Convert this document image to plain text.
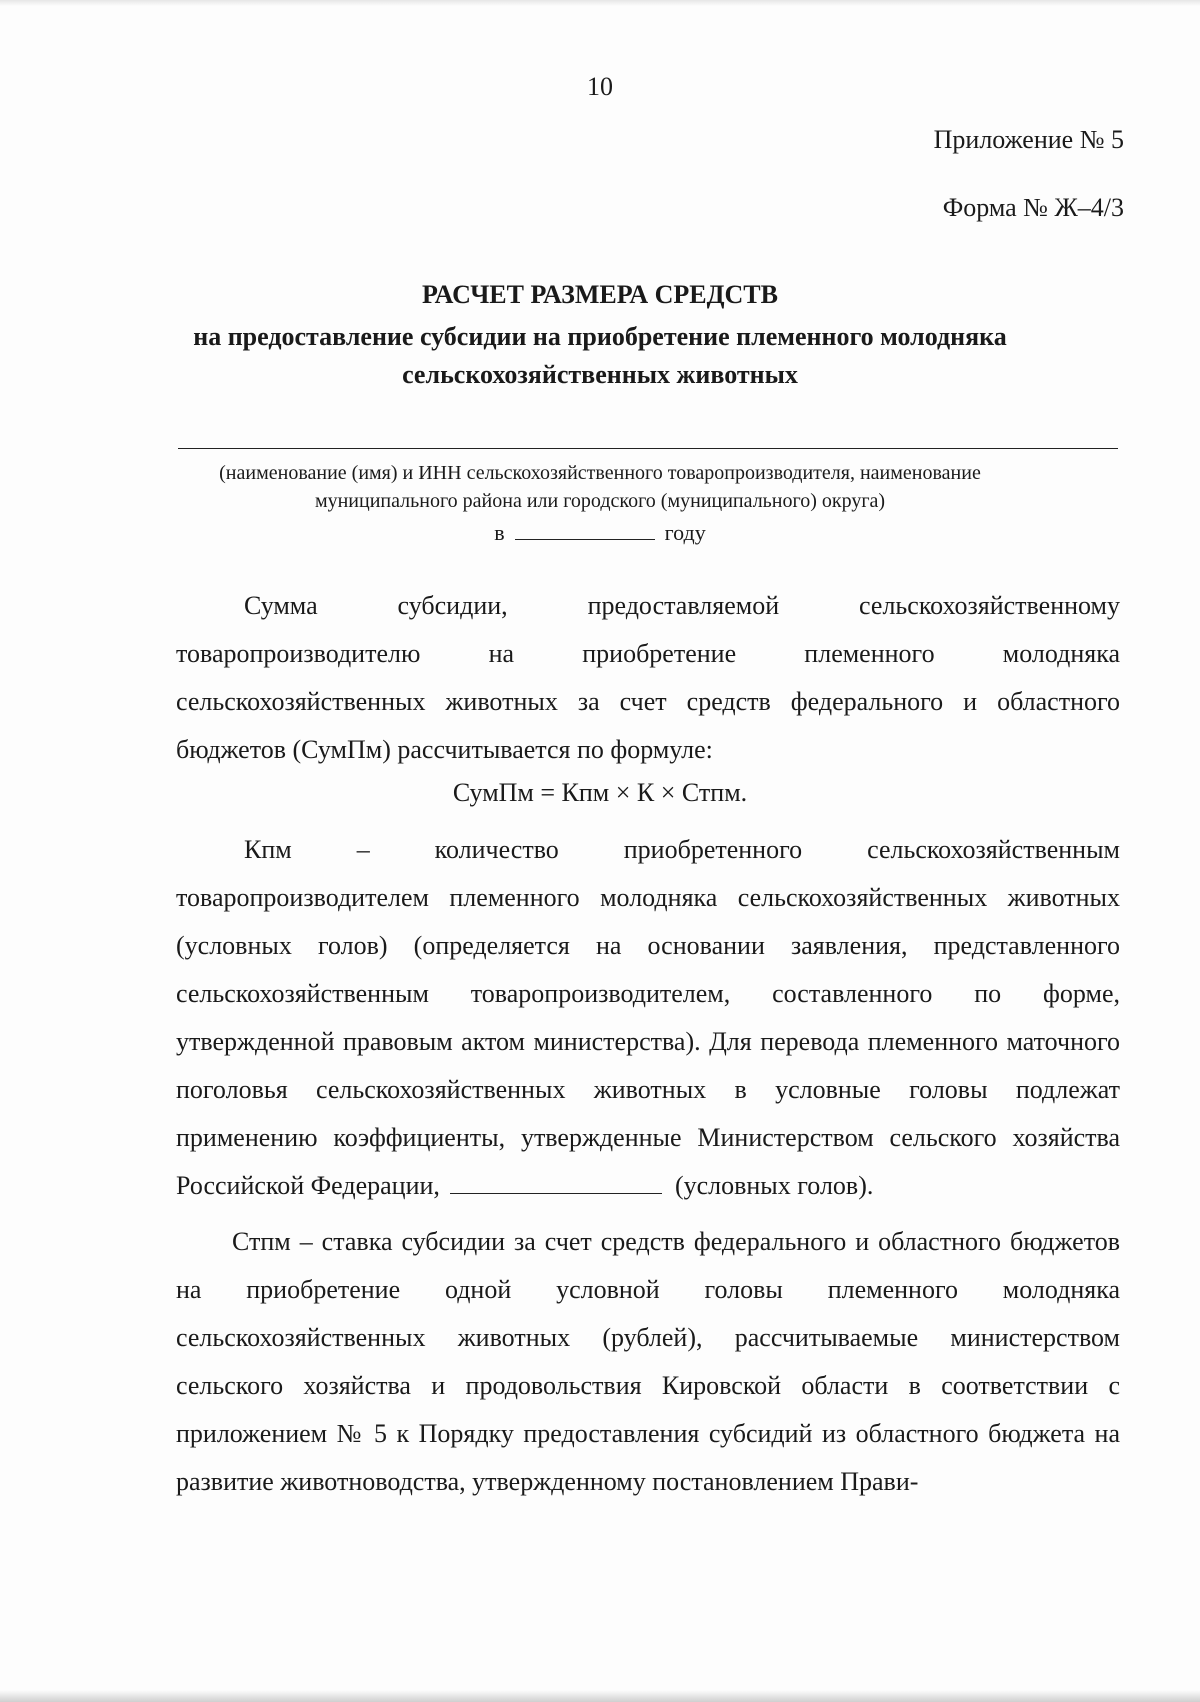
10
Приложение № 5
Форма № Ж–4/3
РАСЧЕТ РАЗМЕРА СРЕДСТВ
на предоставление субсидии на приобретение племенного молодняка
сельскохозяйственных животных
(наименование (имя) и ИНН сельскохозяйственного товаропроизводителя, наименование
муниципального района или городского (муниципального) округа)
в	году
Сумма субсидии, предоставляемой сельскохозяйственному товаропроизводителю на приобретение племенного молодняка сельскохозяйственных животных за счет средств федерального и областного бюджетов (СумПм) рассчитывается по формуле:
СумПм = Кпм × К × Стпм.
Кпм – количество приобретенного сельскохозяйственным товаропроизводителем племенного молодняка сельскохозяйственных животных (условных голов) (определяется на основании заявления, представленного сельскохозяйственным товаропроизводителем, составленного по форме, утвержденной правовым актом министерства). Для перевода племенного маточного поголовья сельскохозяйственных животных в условные головы подлежат применению коэффициенты, утвержденные Министерством сельского хозяйства Российской Федерации,	(условных голов).
Стпм – ставка субсидии за счет средств федерального и областного бюджетов на приобретение одной условной головы племенного молодняка сельскохозяйственных животных (рублей), рассчитываемые министерством сельского хозяйства и продовольствия Кировской области в соответствии с приложением № 5 к Порядку предоставления субсидий из областного бюджета на развитие животноводства, утвержденному постановлением Прави-
